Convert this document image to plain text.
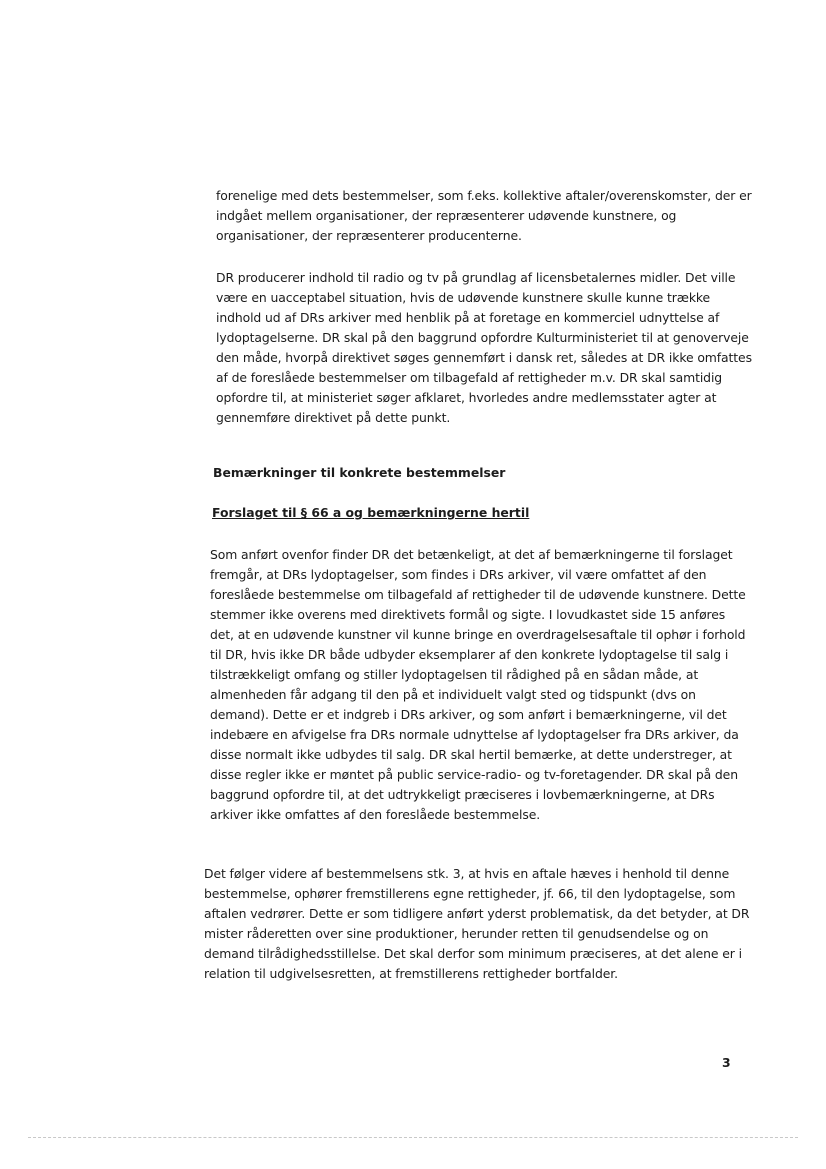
forenelige med dets bestemmelser, som f.eks. kollektive aftaler/overenskomster, der er indgået mellem organisationer, der repræsenterer udøvende kunstnere, og organisationer, der repræsenterer producenterne.

DR producerer indhold til radio og tv på grundlag af licensbetalernes midler. Det ville være en uacceptabel situation, hvis de udøvende kunstnere skulle kunne trække indhold ud af DRs arkiver med henblik på at foretage en kommerciel udnyttelse af lydoptagelserne. DR skal på den baggrund opfordre Kulturministeriet til at genoverveje den måde, hvorpå direktivet søges gennemført i dansk ret, således at DR ikke omfattes af de foreslåede bestemmelser om tilbagefald af rettigheder m.v. DR skal samtidig opfordre til, at ministeriet søger afklaret, hvorledes andre medlemsstater agter at gennemføre direktivet på dette punkt.

Bemærkninger til konkrete bestemmelser
Forslaget til § 66 a og bemærkningerne hertil

Som anført ovenfor finder DR det betænkeligt, at det af bemærkningerne til forslaget fremgår, at DRs lydoptagelser, som findes i DRs arkiver, vil være omfattet af den foreslåede bestemmelse om tilbagefald af rettigheder til de udøvende kunstnere. Dette stemmer ikke overens med direktivets formål og sigte. I lovudkastet side 15 anføres det, at en udøvende kunstner vil kunne bringe en overdragelsesaftale til ophør i forhold til DR, hvis ikke DR både udbyder eksemplarer af den konkrete lydoptagelse til salg i tilstrækkeligt omfang og stiller lydoptagelsen til rådighed på en sådan måde, at almenheden får adgang til den på et individuelt valgt sted og tidspunkt (dvs on demand). Dette er et indgreb i DRs arkiver, og som anført i bemærkningerne, vil det indebære en afvigelse fra DRs normale udnyttelse af lydoptagelser fra DRs arkiver, da disse normalt ikke udbydes til salg. DR skal hertil bemærke, at dette understreger, at disse regler ikke er møntet på public service-radio- og tv-foretagender. DR skal på den baggrund opfordre til, at det udtrykkeligt præciseres i lovbemærkningerne, at DRs arkiver ikke omfattes af den foreslåede bestemmelse.

Det følger videre af bestemmelsens stk. 3, at hvis en aftale hæves i henhold til denne bestemmelse, ophører fremstillerens egne rettigheder, jf. 66, til den lydoptagelse, som aftalen vedrører. Dette er som tidligere anført yderst problematisk, da det betyder, at DR mister råderetten over sine produktioner, herunder retten til genudsendelse og on demand tilrådighedsstillelse. Det skal derfor som minimum præciseres, at det alene er i relation til udgivelsesretten, at fremstillerens rettigheder bortfalder.

3
